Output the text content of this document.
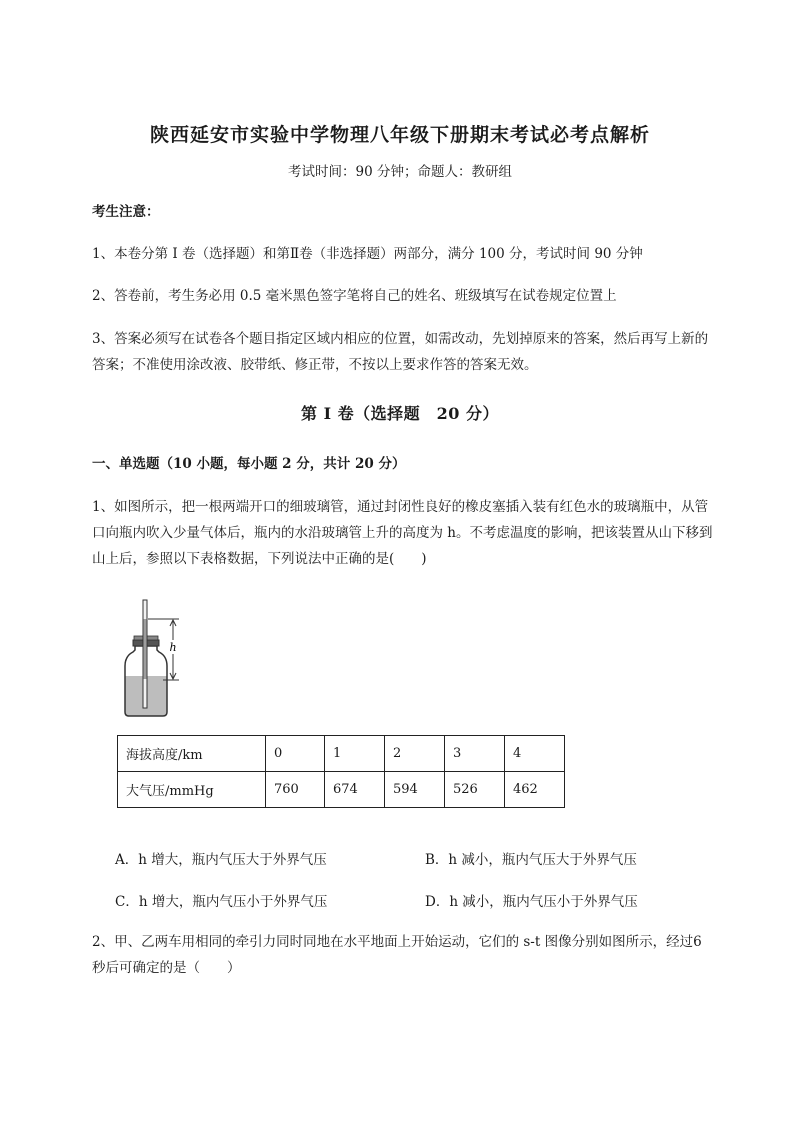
陕西延安市实验中学物理八年级下册期末考试必考点解析
考试时间：90 分钟；命题人：教研组
考生注意：
1、本卷分第 I 卷（选择题）和第Ⅱ卷（非选择题）两部分，满分 100 分，考试时间 90 分钟
2、答卷前，考生务必用 0.5 毫米黑色签字笔将自己的姓名、班级填写在试卷规定位置上
3、答案必须写在试卷各个题目指定区域内相应的位置，如需改动，先划掉原来的答案，然后再写上新的答案；不准使用涂改液、胶带纸、修正带，不按以上要求作答的答案无效。
第 I 卷（选择题　20 分）
一、单选题（10 小题，每小题 2 分，共计 20 分）
1、如图所示，把一根两端开口的细玻璃管，通过封闭性良好的橡皮塞插入装有红色水的玻璃瓶中，从管口向瓶内吹入少量气体后，瓶内的水沿玻璃管上升的高度为 h。不考虑温度的影响，把该装置从山下移到山上后，参照以下表格数据，下列说法中正确的是(　　)
h
海拔高度/km	0	1	2	3	4
大气压/mmHg	760	674	594	526	462
A．h 增大，瓶内气压大于外界气压	B．h 减小，瓶内气压大于外界气压
C．h 增大，瓶内气压小于外界气压	D．h 减小，瓶内气压小于外界气压
2、甲、乙两车用相同的牵引力同时同地在水平地面上开始运动，它们的 s-t 图像分别如图所示，经过6 秒后可确定的是（　　）
